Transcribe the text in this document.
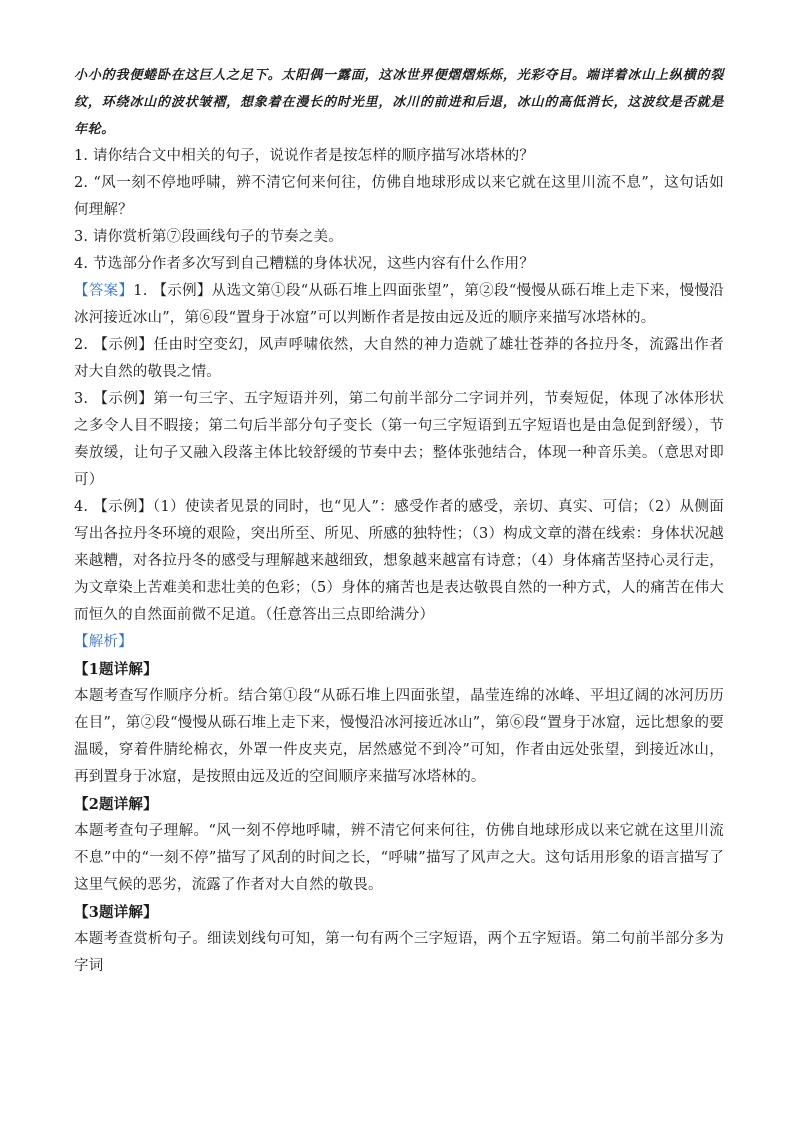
小小的我便蜷卧在这巨人之足下。太阳偶一露面，这冰世界便熠熠烁烁，光彩夺目。端详着冰山上纵横的裂纹，环绕冰山的波状皱褶，想象着在漫长的时光里，冰川的前进和后退，冰山的高低消长，这波纹是否就是年轮。

1. 请你结合文中相关的句子，说说作者是按怎样的顺序描写冰塔林的？

2. “风一刻不停地呼啸，辨不清它何来何往，仿佛自地球形成以来它就在这里川流不息”，这句话如何理解？

3. 请你赏析第⑦段画线句子的节奏之美。

4. 节选部分作者多次写到自己糟糕的身体状况，这些内容有什么作用？

【答案】1. 【示例】从选文第①段“从砾石堆上四面张望”，第②段“慢慢从砾石堆上走下来，慢慢沿冰河接近冰山”，第⑥段“置身于冰窟”可以判断作者是按由远及近的顺序来描写冰塔林的。

2. 【示例】任由时空变幻，风声呼啸依然，大自然的神力造就了雄壮苍莽的各拉丹冬，流露出作者对大自然的敬畏之情。

3. 【示例】第一句三字、五字短语并列，第二句前半部分二字词并列，节奏短促，体现了冰体形状之多令人目不暇接；第二句后半部分句子变长（第一句三字短语到五字短语也是由急促到舒缓），节奏放缓，让句子又融入段落主体比较舒缓的节奏中去；整体张弛结合，体现一种音乐美。（意思对即可）

4. 【示例】（1）使读者见景的同时，也“见人”：感受作者的感受，亲切、真实、可信；（2）从侧面写出各拉丹冬环境的艰险，突出所至、所见、所感的独特性；（3）构成文章的潜在线索：身体状况越来越糟，对各拉丹冬的感受与理解越来越细致，想象越来越富有诗意；（4）身体痛苦坚持心灵行走，为文章染上苦难美和悲壮美的色彩；（5）身体的痛苦也是表达敬畏自然的一种方式，人的痛苦在伟大而恒久的自然面前微不足道。（任意答出三点即给满分）

【解析】

【1题详解】

本题考查写作顺序分析。结合第①段“从砾石堆上四面张望，晶莹连绵的冰峰、平坦辽阔的冰河历历在目”，第②段“慢慢从砾石堆上走下来，慢慢沿冰河接近冰山”，第⑥段“置身于冰窟，远比想象的要温暖，穿着件腈纶棉衣，外罩一件皮夹克，居然感觉不到冷”可知，作者由远处张望，到接近冰山，再到置身于冰窟，是按照由远及近的空间顺序来描写冰塔林的。

【2题详解】

本题考查句子理解。“风一刻不停地呼啸，辨不清它何来何往，仿佛自地球形成以来它就在这里川流不息”中的“一刻不停”描写了风刮的时间之长，“呼啸”描写了风声之大。这句话用形象的语言描写了这里气候的恶劣，流露了作者对大自然的敬畏。

【3题详解】

本题考查赏析句子。细读划线句可知，第一句有两个三字短语，两个五字短语。第二句前半部分多为字词
